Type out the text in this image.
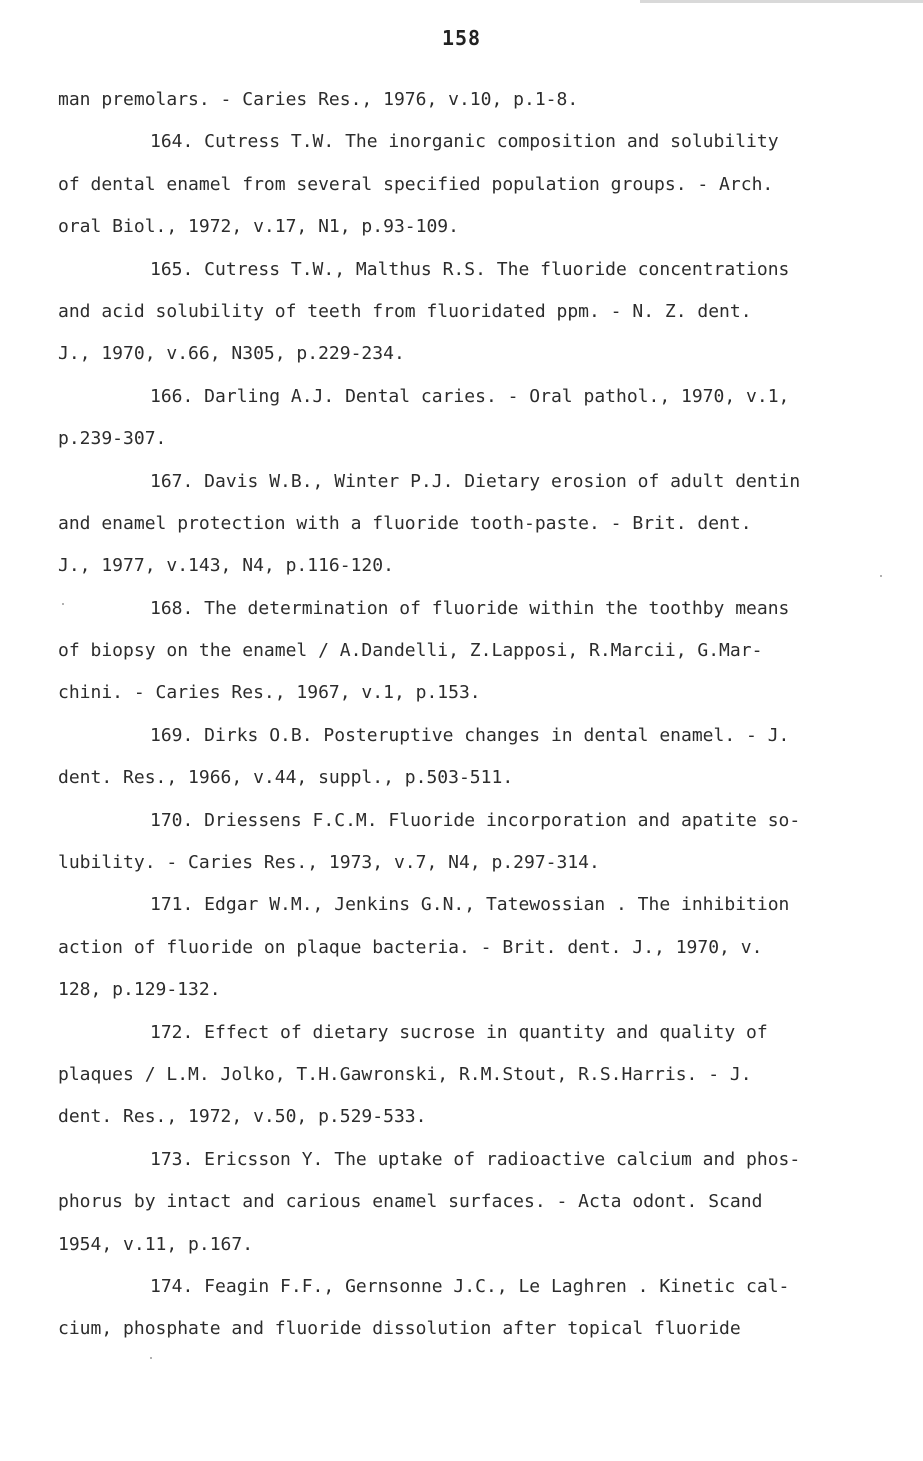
158
man premolars. - Caries Res., 1976, v.10, p.1-8.
164. Cutress T.W. The inorganic composition and solubility
of dental enamel from several specified population groups. - Arch.
oral Biol., 1972, v.17, N1, p.93-109.
165. Cutress T.W., Malthus R.S. The fluoride concentrations
and acid solubility of teeth from fluoridated ppm. - N. Z. dent.
J., 1970, v.66, N305, p.229-234.
166. Darling A.J. Dental caries. - Oral pathol., 1970, v.1,
p.239-307.
167. Davis W.B., Winter P.J. Dietary erosion of adult dentin
and enamel protection with a fluoride tooth-paste. - Brit. dent.
J., 1977, v.143, N4, p.116-120.
168. The determination of fluoride within the toothby means
of biopsy on the enamel / A.Dandelli, Z.Lapposi, R.Marcii, G.Mar-
chini. - Caries Res., 1967, v.1, p.153.
169. Dirks O.B. Posteruptive changes in dental enamel. - J.
dent. Res., 1966, v.44, suppl., p.503-511.
170. Driessens F.C.M. Fluoride incorporation and apatite so-
lubility. - Caries Res., 1973, v.7, N4, p.297-314.
171. Edgar W.M., Jenkins G.N., Tatewossian . The inhibition
action of fluoride on plaque bacteria. - Brit. dent. J., 1970, v.
128, p.129-132.
172. Effect of dietary sucrose in quantity and quality of
plaques / L.M. Jolko, T.H.Gawronski, R.M.Stout, R.S.Harris. - J.
dent. Res., 1972, v.50, p.529-533.
173. Ericsson Y. The uptake of radioactive calcium and phos-
phorus by intact and carious enamel surfaces. - Acta odont. Scand
1954, v.11, p.167.
174. Feagin F.F., Gernsonne J.C., Le Laghren . Kinetic cal-
cium, phosphate and fluoride dissolution after topical fluoride
